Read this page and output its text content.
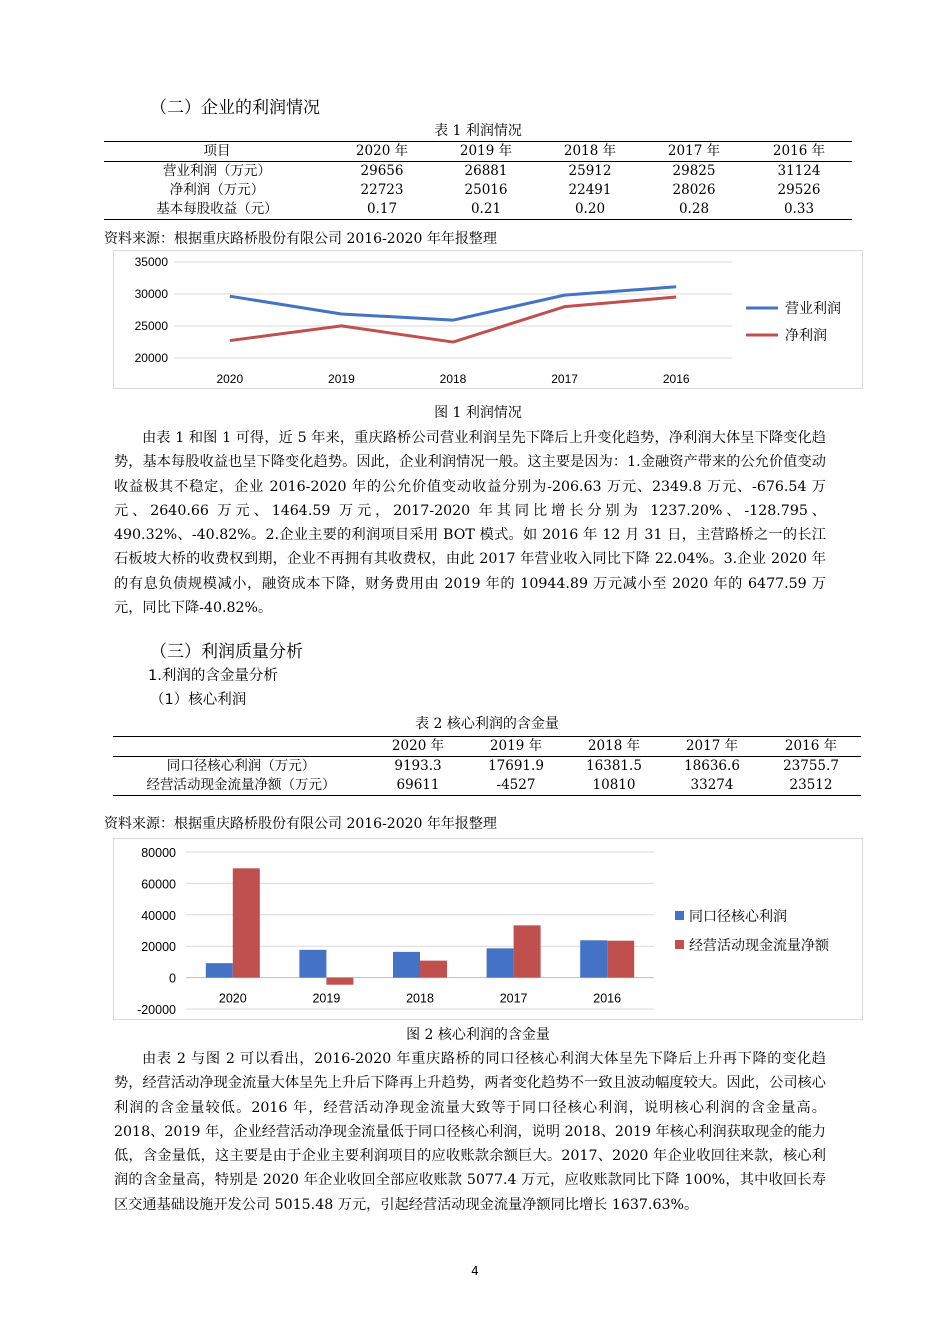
（二）企业的利润情况
表 1 利润情况
项目	2020 年	2019 年	2018 年	2017 年	2016 年
营业利润（万元）	29656	26881	25912	29825	31124
净利润（万元）	22723	25016	22491	28026	29526
基本每股收益（元）	0.17	0.21	0.20	0.28	0.33
资料来源：根据重庆路桥股份有限公司 2016-2020 年年报整理
35000
30000
25000
20000
2020	2019	2018	2017	2016
营业利润
净利润
图 1 利润情况

由表 1 和图 1 可得，近 5 年来，重庆路桥公司营业利润呈先下降后上升变化趋势，净利润大体呈下降变化趋势，基本每股收益也呈下降变化趋势。因此，企业利润情况一般。这主要是因为：1.金融资产带来的公允价值变动收益极其不稳定，企业 2016-2020 年的公允价值变动收益分别为-206.63 万元、2349.8 万元、-676.54 万元、2640.66 万元、1464.59 万元，2017-2020 年其同比增长分别为 1237.20%、-128.795、490.32%、-40.82%。2.企业主要的利润项目采用 BOT 模式。如 2016 年 12 月 31 日，主营路桥之一的长江石板坡大桥的收费权到期，企业不再拥有其收费权，由此 2017 年营业收入同比下降 22.04%。3.企业 2020 年的有息负债规模减小，融资成本下降，财务费用由 2019 年的 10944.89 万元减小至 2020 年的 6477.59 万元，同比下降-40.82%。

（三）利润质量分析
1.利润的含金量分析
（1）核心利润
表 2 核心利润的含金量
	2020 年	2019 年	2018 年	2017 年	2016 年
同口径核心利润（万元）	9193.3	17691.9	16381.5	18636.6	23755.7
经营活动现金流量净额（万元）	69611	-4527	10810	33274	23512
资料来源：根据重庆路桥股份有限公司 2016-2020 年年报整理
80000
60000
40000
20000
0
-20000
2020	2019	2018	2017	2016
同口径核心利润
经营活动现金流量净额
图 2 核心利润的含金量

由表 2 与图 2 可以看出，2016-2020 年重庆路桥的同口径核心利润大体呈先下降后上升再下降的变化趋势，经营活动净现金流量大体呈先上升后下降再上升趋势，两者变化趋势不一致且波动幅度较大。因此，公司核心利润的含金量较低。2016 年，经营活动净现金流量大致等于同口径核心利润，说明核心利润的含金量高。2018、2019 年，企业经营活动净现金流量低于同口径核心利润，说明 2018、2019 年核心利润获取现金的能力低，含金量低，这主要是由于企业主要利润项目的应收账款余额巨大。2017、2020 年企业收回往来款，核心利润的含金量高，特别是 2020 年企业收回全部应收账款 5077.4 万元，应收账款同比下降 100%，其中收回长寿区交通基础设施开发公司 5015.48 万元，引起经营活动现金流量净额同比增长 1637.63%。

4
